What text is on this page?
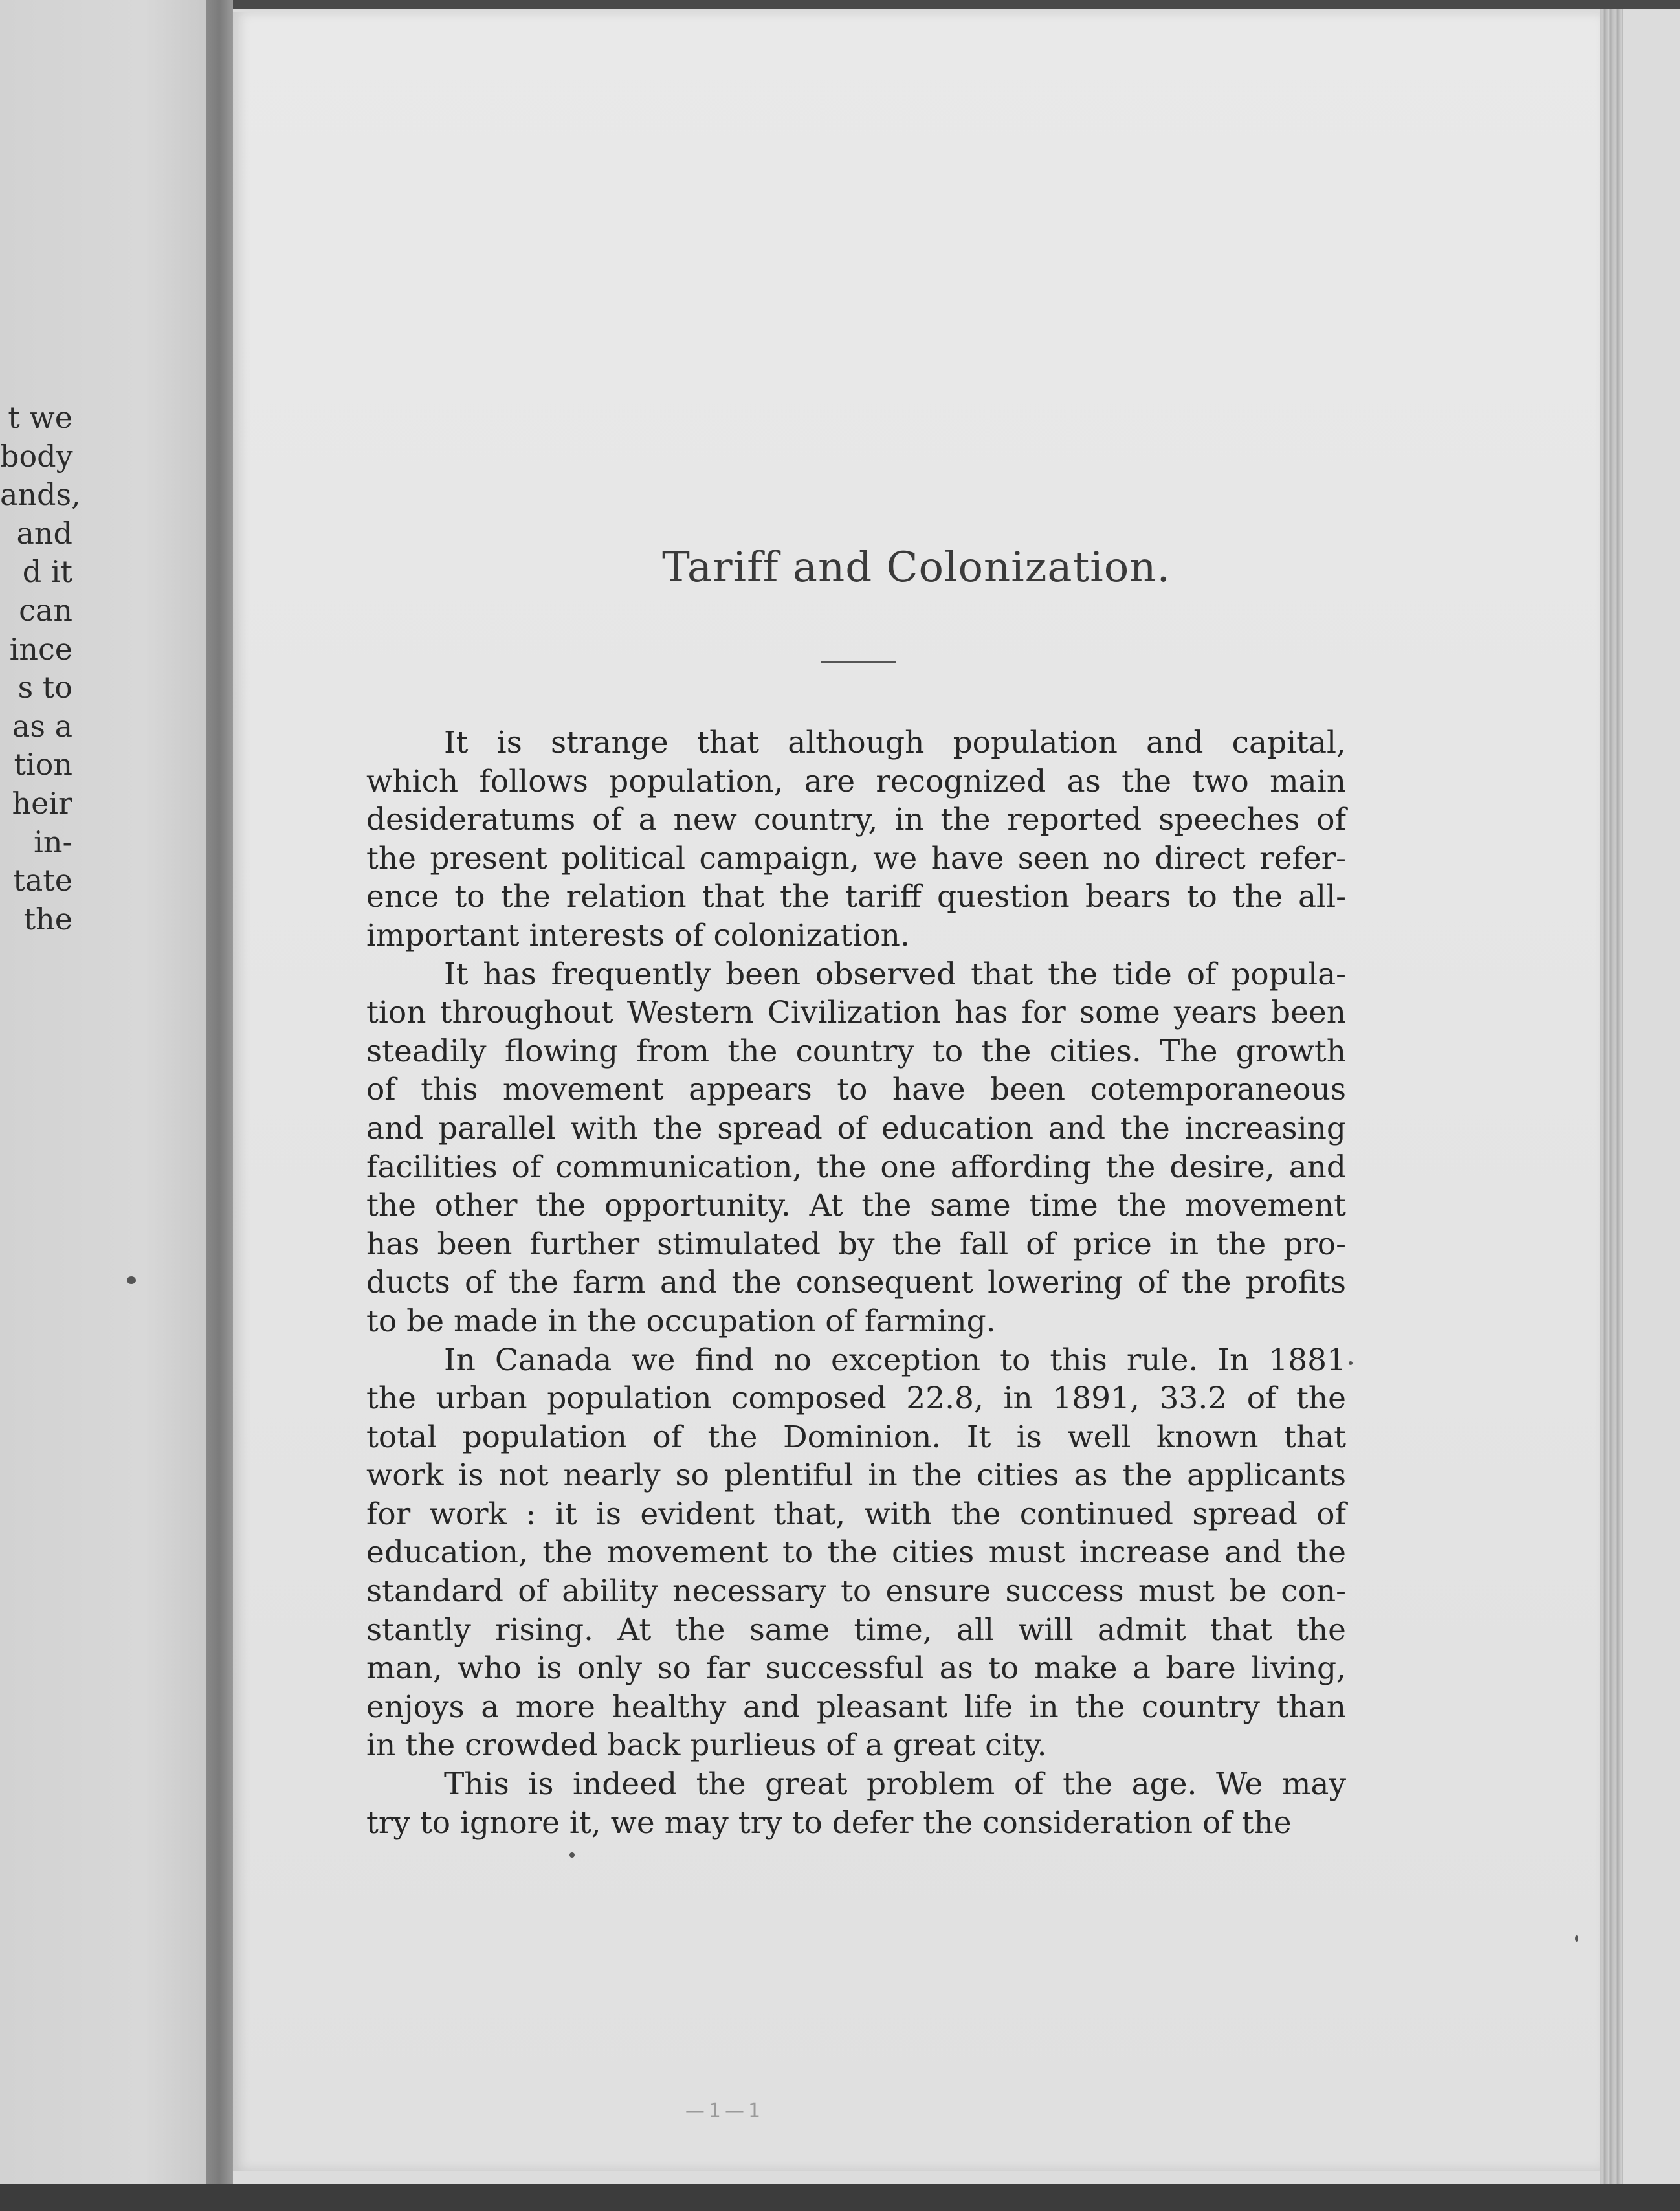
t we
body
ands,
and
d it
can
ince
s to
as a
tion
heir
in-
tate
the
Tariff and Colonization.

It is strange that although population and capital,
which follows population, are recognized as the two main
desideratums of a new country, in the reported speeches of
the present political campaign, we have seen no direct refer-
ence to the relation that the tariff question bears to the all-
important interests of colonization.

It has frequently been observed that the tide of popula-
tion throughout Western Civilization has for some years been
steadily flowing from the country to the cities. The growth
of this movement appears to have been cotemporaneous
and parallel with the spread of education and the increasing
facilities of communication, the one affording the desire, and
the other the opportunity. At the same time the movement
has been further stimulated by the fall of price in the pro-
ducts of the farm and the consequent lowering of the profits
to be made in the occupation of farming.

In Canada we find no exception to this rule. In 1881
the urban population composed 22.8, in 1891, 33.2 of the
total population of the Dominion. It is well known that
work is not nearly so plentiful in the cities as the applicants
for work : it is evident that, with the continued spread of
education, the movement to the cities must increase and the
standard of ability necessary to ensure success must be con-
stantly rising. At the same time, all will admit that the
man, who is only so far successful as to make a bare living,
enjoys a more healthy and pleasant life in the country than
in the crowded back purlieus of a great city.

This is indeed the great problem of the age. We may
try to ignore it, we may try to defer the consideration of the

—1—1
